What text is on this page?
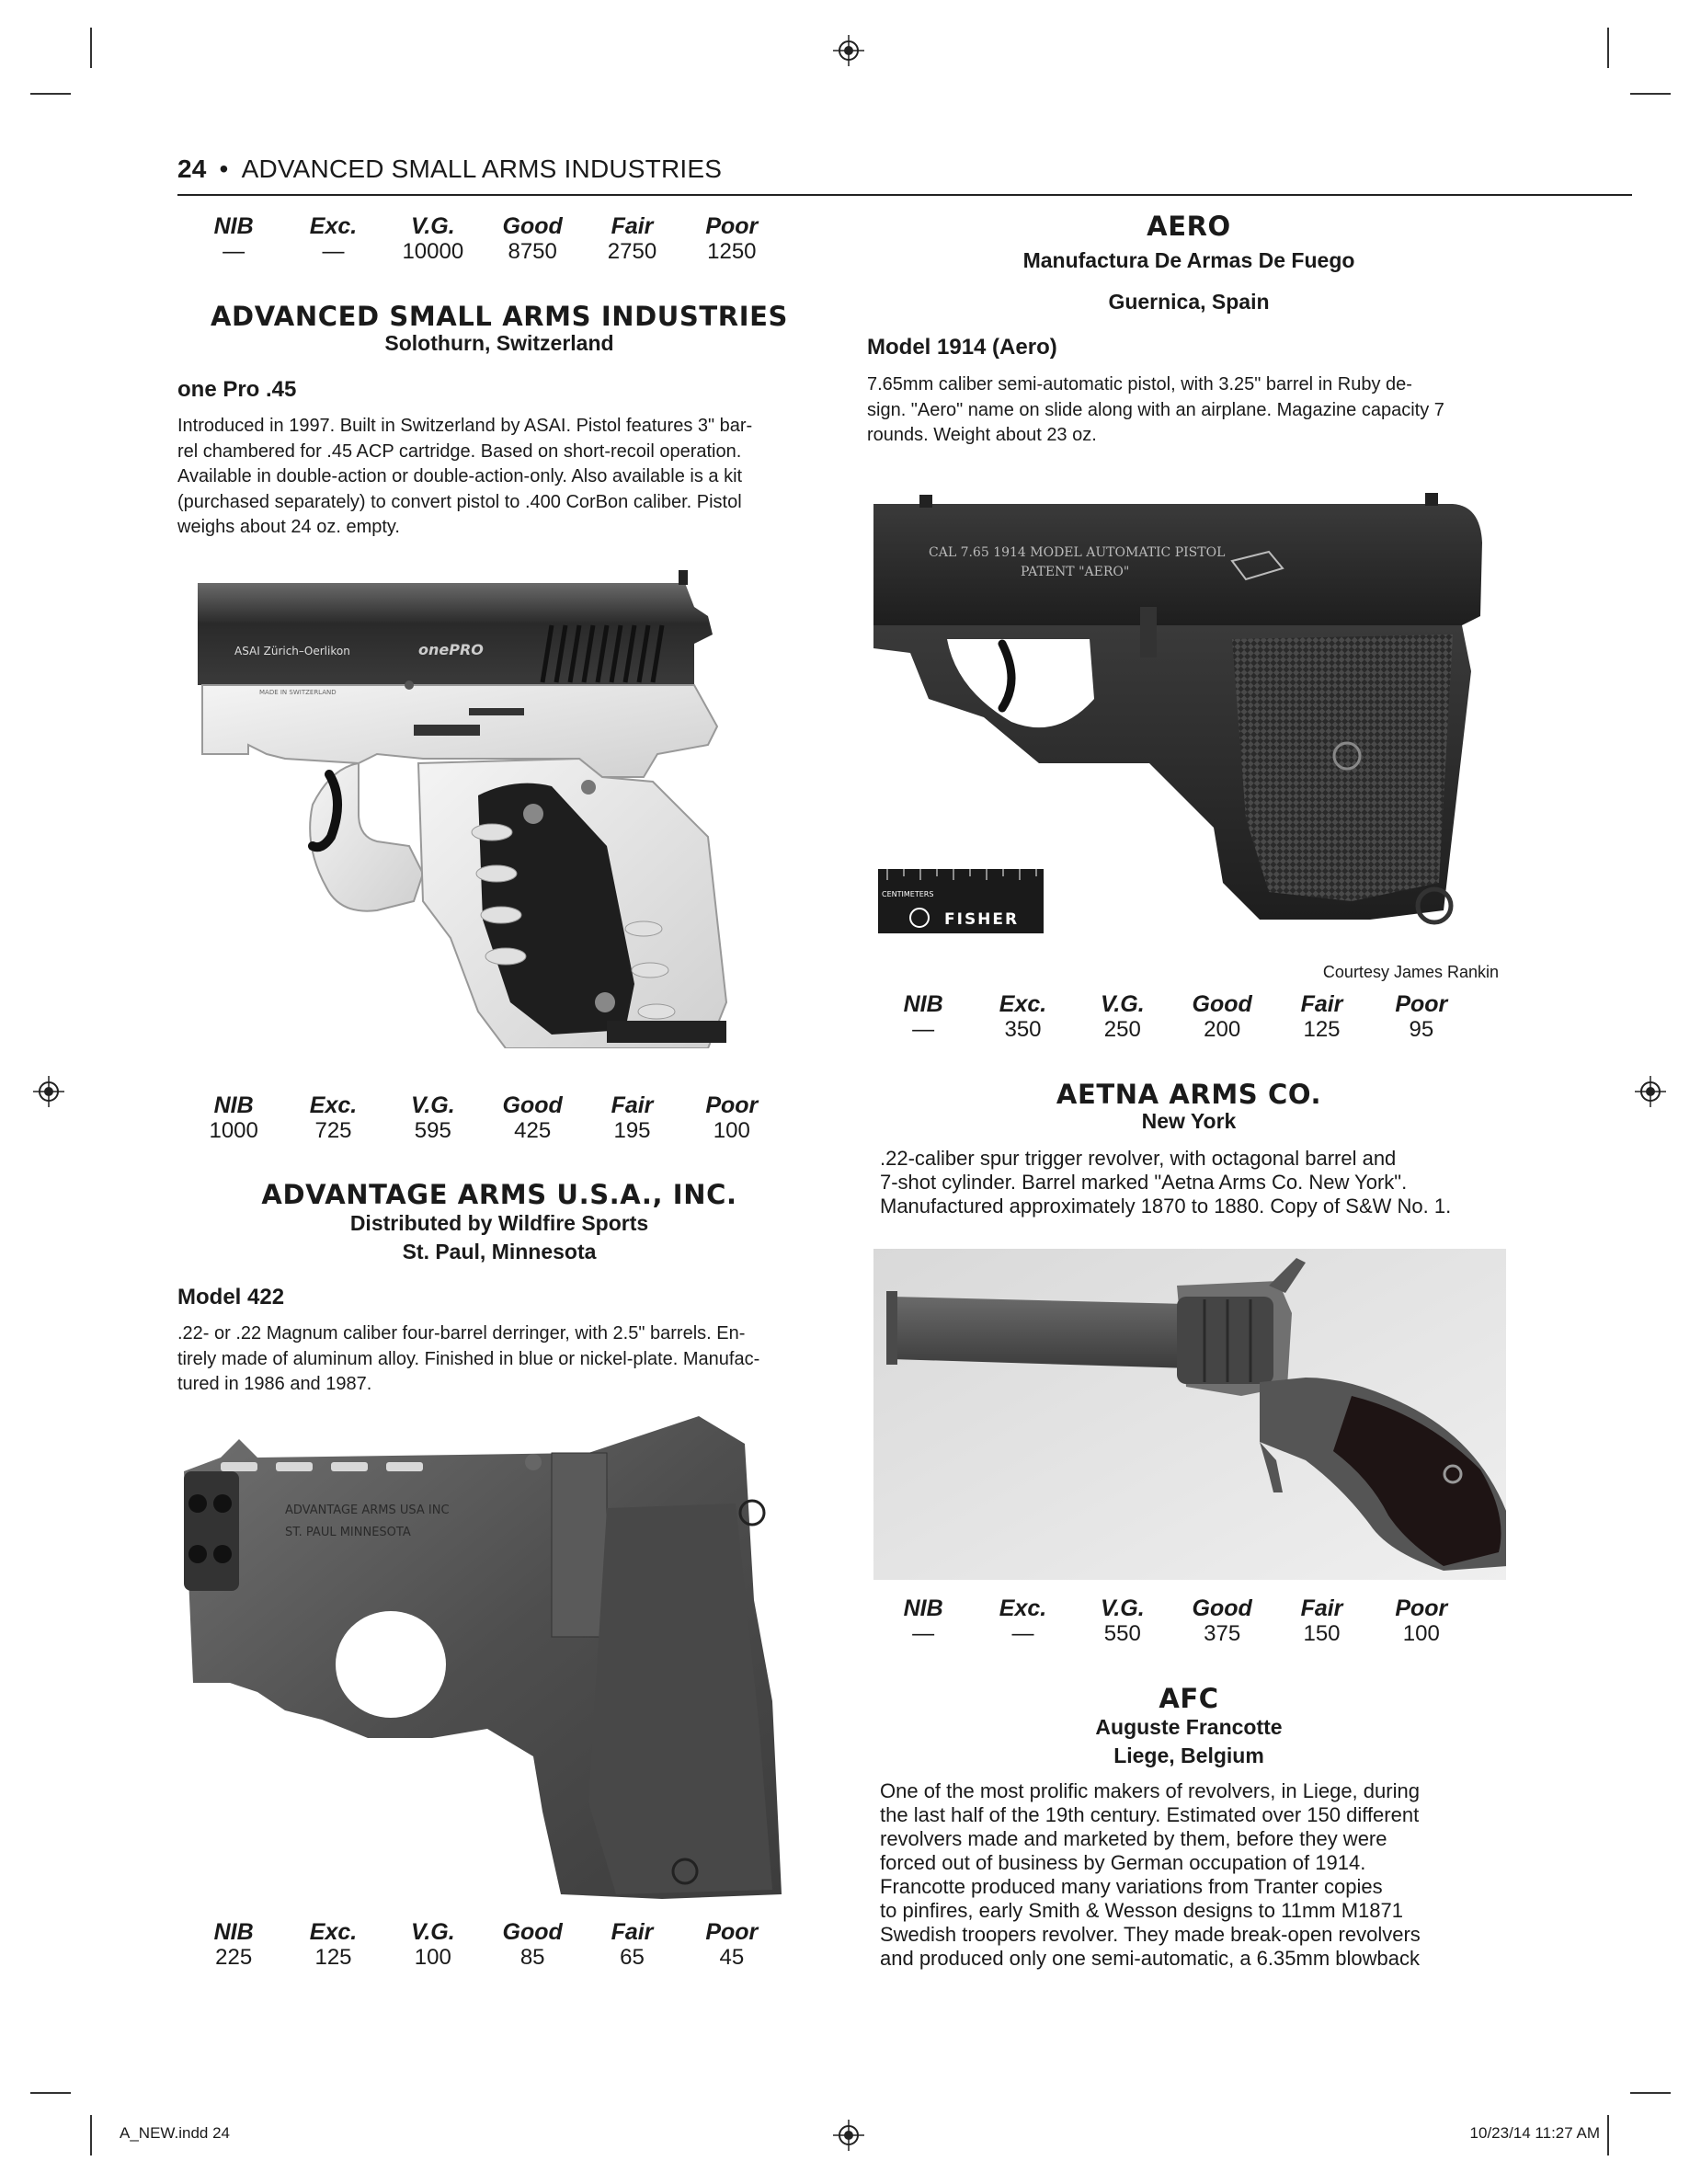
24 • ADVANCED SMALL ARMS INDUSTRIES
NIB	Exc.	V.G.	Good	Fair	Poor
—	—	10000	8750	2750	1250
ADVANCED SMALL ARMS INDUSTRIES
Solothurn, Switzerland
one Pro .45
Introduced in 1997. Built in Switzerland by ASAI. Pistol features 3" bar-
rel chambered for .45 ACP cartridge. Based on short-recoil operation.
Available in double-action or double-action-only. Also available is a kit
(purchased separately) to convert pistol to .400 CorBon caliber. Pistol
weighs about 24 oz. empty.
ASAI Zürich–Oerlikon	onePRO
MADE IN SWITZERLAND
NIB	Exc.	V.G.	Good	Fair	Poor
1000	725	595	425	195	100
ADVANTAGE ARMS U.S.A., INC.
Distributed by Wildfire Sports
St. Paul, Minnesota
Model 422
.22- or .22 Magnum caliber four-barrel derringer, with 2.5" barrels. En-
tirely made of aluminum alloy. Finished in blue or nickel-plate. Manufac-
tured in 1986 and 1987.
ADVANTAGE ARMS USA INC
ST. PAUL MINNESOTA
NIB	Exc.	V.G.	Good	Fair	Poor
225	125	100	85	65	45
AERO
Manufactura De Armas De Fuego
Guernica, Spain
Model 1914 (Aero)
7.65mm caliber semi-automatic pistol, with 3.25" barrel in Ruby de-
sign. "Aero" name on slide along with an airplane. Magazine capacity 7
rounds. Weight about 23 oz.
CAL 7.65 1914 MODEL AUTOMATIC PISTOL
PATENT "AERO"
CENTIMETERS
FISHER
Courtesy James Rankin
NIB	Exc.	V.G.	Good	Fair	Poor
—	350	250	200	125	95
AETNA ARMS CO.
New York
.22-caliber spur trigger revolver, with octagonal barrel and
7-shot cylinder. Barrel marked "Aetna Arms Co. New York".
Manufactured approximately 1870 to 1880. Copy of S&W No. 1.
NIB	Exc.	V.G.	Good	Fair	Poor
—	—	550	375	150	100
AFC
Auguste Francotte
Liege, Belgium
One of the most prolific makers of revolvers, in Liege, during
the last half of the 19th century. Estimated over 150 different
revolvers made and marketed by them, before they were
forced out of business by German occupation of 1914.
Francotte produced many variations from Tranter copies
to pinfires, early Smith & Wesson designs to 11mm M1871
Swedish troopers revolver. They made break-open revolvers
and produced only one semi-automatic, a 6.35mm blowback
A_NEW.indd 24	10/23/14 11:27 AM
